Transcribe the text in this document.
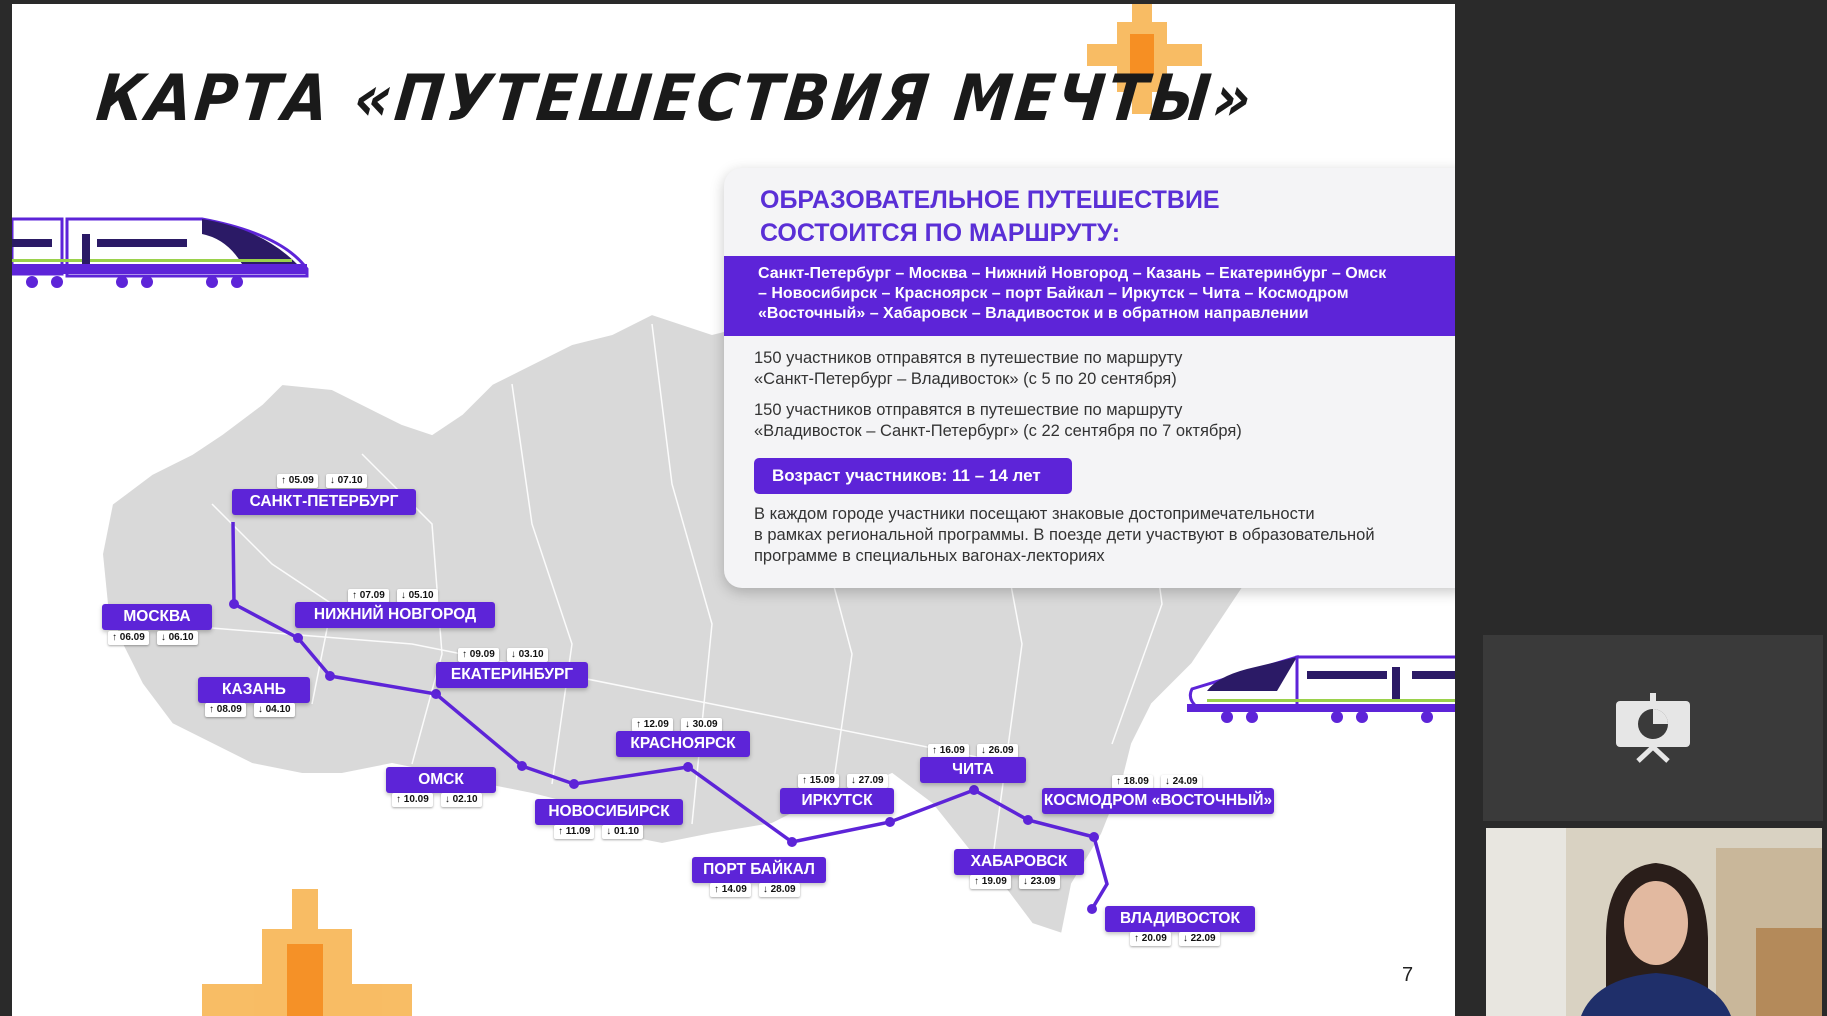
КАРТА «ПУТЕШЕСТВИЯ МЕЧТЫ»
↑ 05.09	↓ 07.10
САНКТ-ПЕТЕРБУРГ
МОСКВА
↑ 06.09	↓ 06.10
↑ 07.09	↓ 05.10
НИЖНИЙ НОВГОРОД
КАЗАНЬ
↑ 08.09	↓ 04.10
↑ 09.09	↓ 03.10
ЕКАТЕРИНБУРГ
ОМСК
↑ 10.09	↓ 02.10
НОВОСИБИРСК
↑ 11.09	↓ 01.10
↑ 12.09	↓ 30.09
КРАСНОЯРСК
ПОРТ БАЙКАЛ
↑ 14.09	↓ 28.09
↑ 15.09	↓ 27.09
ИРКУТСК
↑ 16.09	↓ 26.09
ЧИТА
↑ 18.09	↓ 24.09
КОСМОДРОМ «ВОСТОЧНЫЙ»
ХАБАРОВСК
↑ 19.09	↓ 23.09
ВЛАДИВОСТОК
↑ 20.09	↓ 22.09
ОБРАЗОВАТЕЛЬНОЕ ПУТЕШЕСТВИЕ
СОСТОИТСЯ ПО МАРШРУТУ:
Санкт-Петербург – Москва – Нижний Новгород – Казань – Екатеринбург – Омск
– Новосибирск – Красноярск – порт Байкал – Иркутск – Чита – Космодром
«Восточный» – Хабаровск – Владивосток и в обратном направлении
150 участников отправятся в путешествие по маршруту
«Санкт-Петербург – Владивосток» (с 5 по 20 сентября)
150 участников отправятся в путешествие по маршруту
«Владивосток – Санкт-Петербург» (с 22 сентября по 7 октября)
Возраст участников: 11 – 14 лет
В каждом городе участники посещают знаковые достопримечательности
в рамках региональной программы. В поезде дети участвуют в образовательной
программе в специальных вагонах-лекториях
7
